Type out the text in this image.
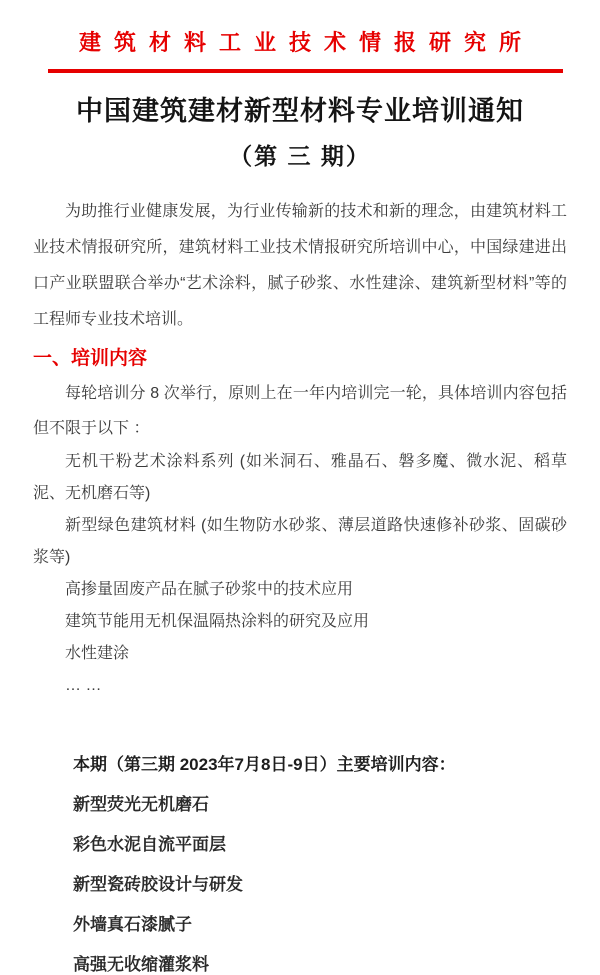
建筑材料工业技术情报研究所
中国建筑建材新型材料专业培训通知
（第 三 期）

为助推行业健康发展，为行业传输新的技术和新的理念，由建筑材料工业技术情报研究所，建筑材料工业技术情报研究所培训中心，中国绿建进出口产业联盟联合举办“艺术涂料，腻子砂浆、水性建涂、建筑新型材料”等的工程师专业技术培训。

一、培训内容

每轮培训分 8 次举行，原则上在一年内培训完一轮，具体培训内容包括但不限于以下 ：

无机干粉艺术涂料系列 (如米洞石、雅晶石、磐多魔、微水泥、稻草泥、无机磨石等)

新型绿色建筑材料 (如生物防水砂浆、薄层道路快速修补砂浆、固碳砂浆等)

高掺量固废产品在腻子砂浆中的技术应用

建筑节能用无机保温隔热涂料的研究及应用

水性建涂

… …

本期（第三期 2023年7月8日-9日）主要培训内容：

新型荧光无机磨石

彩色水泥自流平面层

新型瓷砖胶设计与研发

外墙真石漆腻子

高强无收缩灌浆料
